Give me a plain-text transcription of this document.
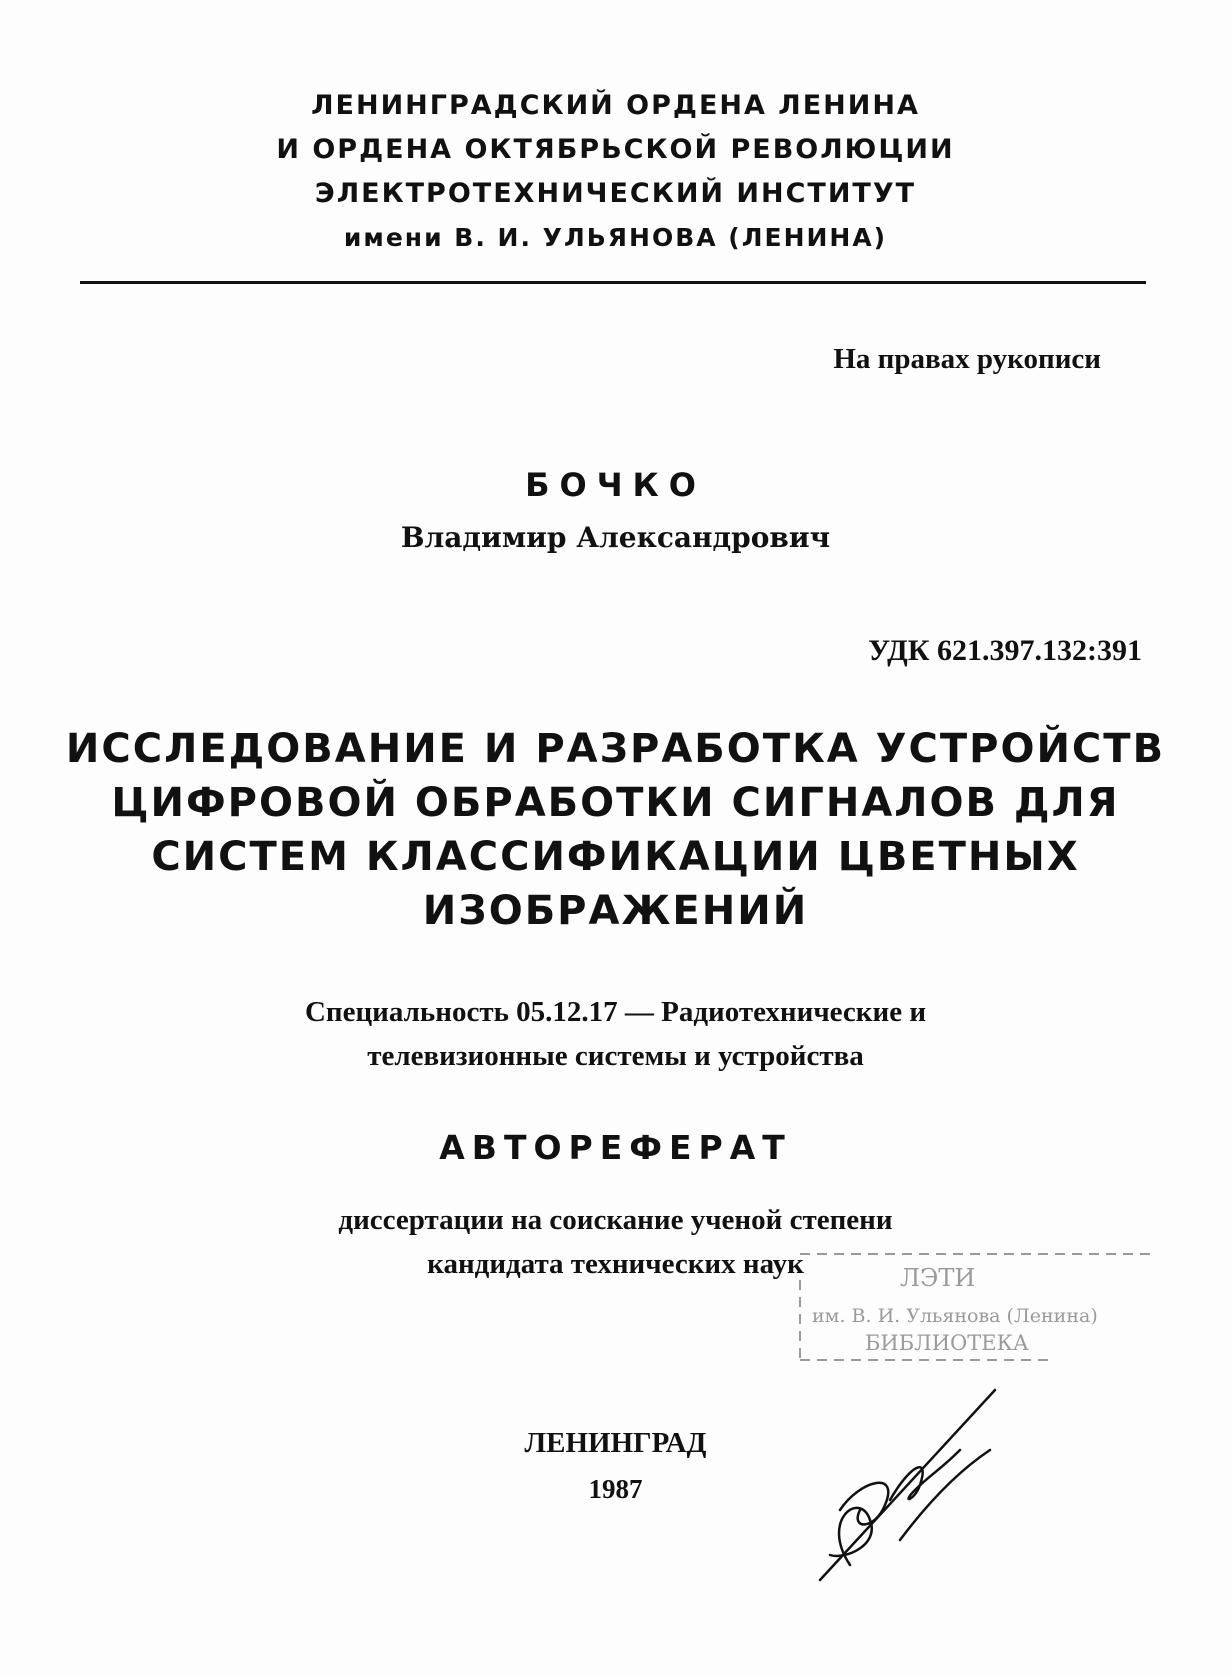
ЛЕНИНГРАДСКИЙ ОРДЕНА ЛЕНИНА
И ОРДЕНА ОКТЯБРЬСКОЙ РЕВОЛЮЦИИ
ЭЛЕКТРОТЕХНИЧЕСКИЙ ИНСТИТУТ
имени В. И. УЛЬЯНОВА (ЛЕНИНА)
На правах рукописи
БОЧКО
Владимир Александрович
УДК 621.397.132:391
ИССЛЕДОВАНИЕ И РАЗРАБОТКА УСТРОЙСТВ
ЦИФРОВОЙ ОБРАБОТКИ СИГНАЛОВ ДЛЯ
СИСТЕМ КЛАССИФИКАЦИИ ЦВЕТНЫХ
ИЗОБРАЖЕНИЙ
Специальность 05.12.17 — Радиотехнические и
телевизионные системы и устройства
АВТОРЕФЕРАТ
диссертации на соискание ученой степени
кандидата технических наук	ЛЭТИ
им. В. И. Ульянова (Ленина)
БИБЛИОТЕКА
ЛЕНИНГРАД
1987
